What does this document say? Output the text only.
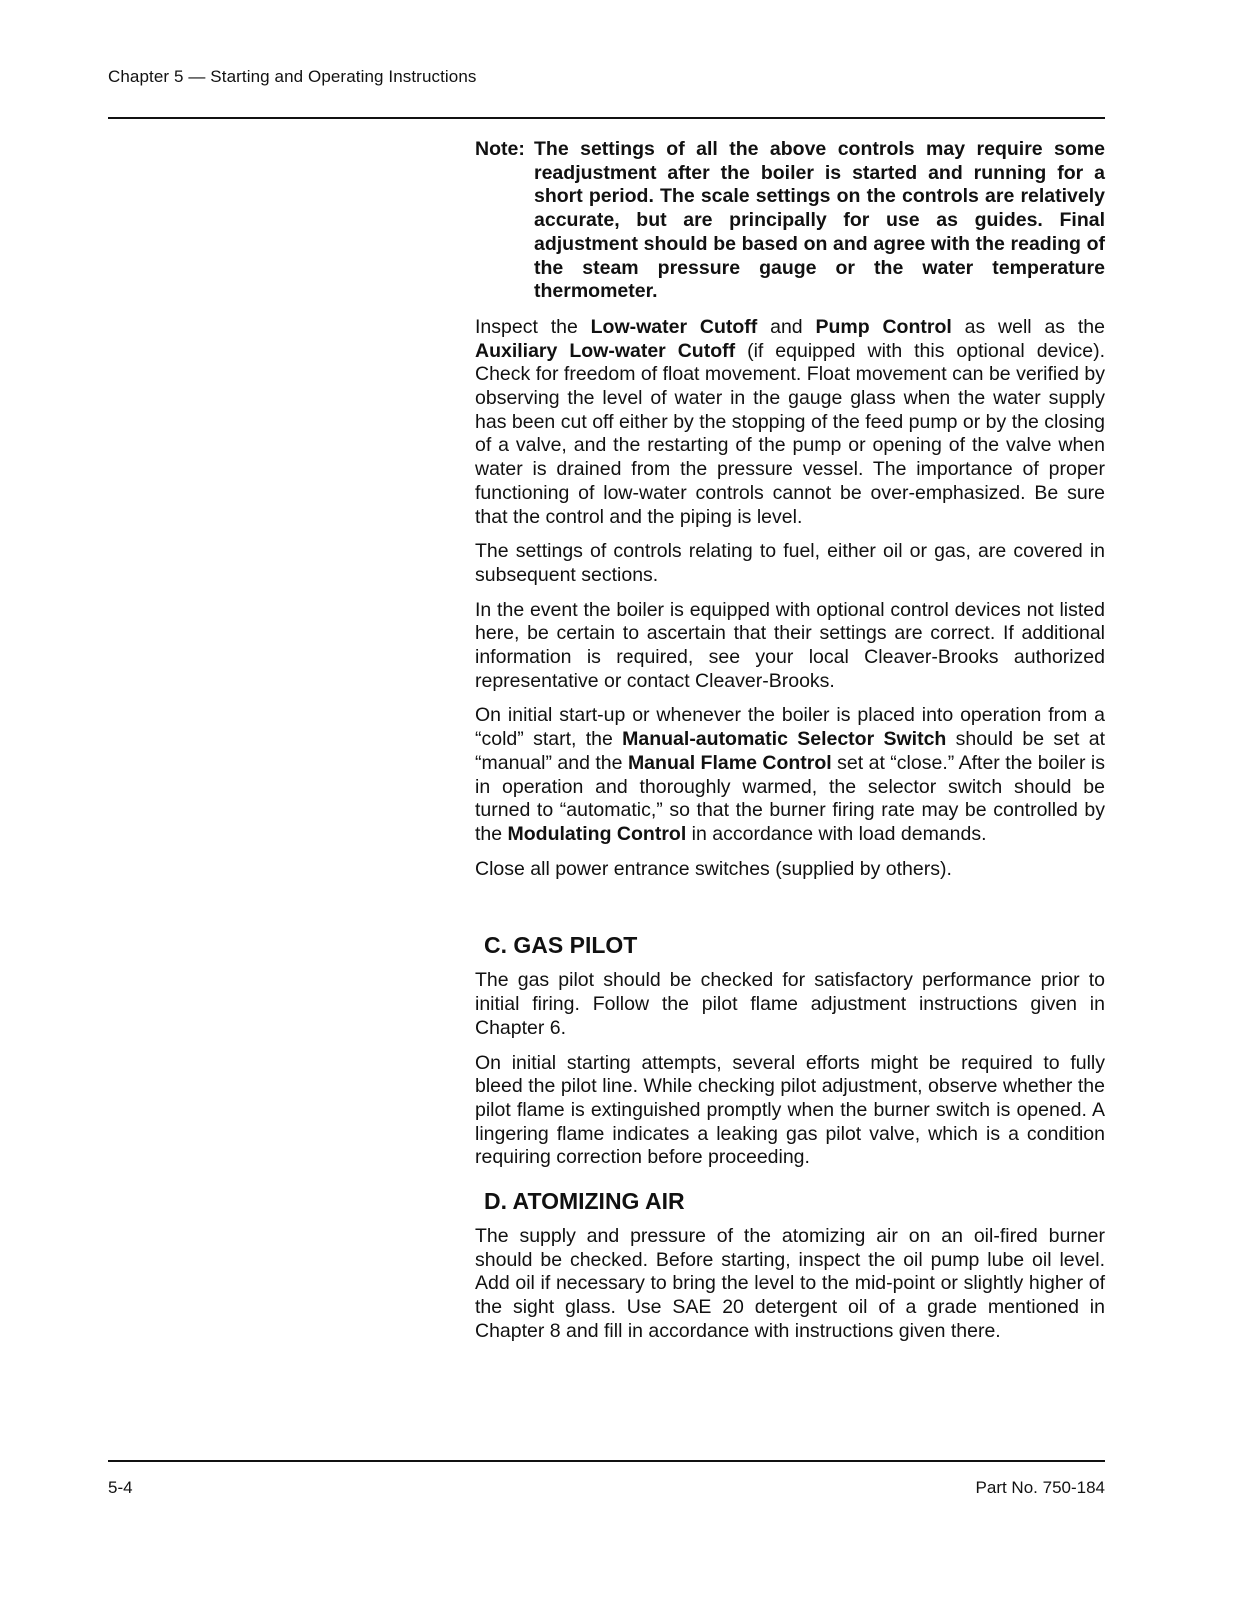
Chapter 5 — Starting and Operating Instructions
Note: The settings of all the above controls may require some readjustment after the boiler is started and running for a short period. The scale settings on the controls are relatively accurate, but are principally for use as guides. Final adjustment should be based on and agree with the reading of the steam pressure gauge or the water temperature thermometer.

Inspect the Low-water Cutoff and Pump Control as well as the Auxiliary Low-water Cutoff (if equipped with this optional device). Check for freedom of float movement. Float movement can be verified by observing the level of water in the gauge glass when the water supply has been cut off either by the stopping of the feed pump or by the closing of a valve, and the restarting of the pump or opening of the valve when water is drained from the pressure vessel. The importance of proper functioning of low-water controls cannot be over-emphasized. Be sure that the control and the piping is level.

The settings of controls relating to fuel, either oil or gas, are covered in subsequent sections.

In the event the boiler is equipped with optional control devices not listed here, be certain to ascertain that their settings are correct. If additional information is required, see your local Cleaver-Brooks authorized representative or contact Cleaver-Brooks.

On initial start-up or whenever the boiler is placed into operation from a “cold” start, the Manual-automatic Selector Switch should be set at “manual” and the Manual Flame Control set at “close.” After the boiler is in operation and thoroughly warmed, the selector switch should be turned to “automatic,” so that the burner firing rate may be controlled by the Modulating Control in accordance with load demands.

Close all power entrance switches (supplied by others).

C. GAS PILOT

The gas pilot should be checked for satisfactory performance prior to initial firing. Follow the pilot flame adjustment instructions given in Chapter 6.

On initial starting attempts, several efforts might be required to fully bleed the pilot line. While checking pilot adjustment, observe whether the pilot flame is extinguished promptly when the burner switch is opened. A lingering flame indicates a leaking gas pilot valve, which is a condition requiring correction before proceeding.

D. ATOMIZING AIR

The supply and pressure of the atomizing air on an oil-fired burner should be checked. Before starting, inspect the oil pump lube oil level. Add oil if necessary to bring the level to the mid-point or slightly higher of the sight glass. Use SAE 20 detergent oil of a grade mentioned in Chapter 8 and fill in accordance with instructions given there.

5-4	Part No. 750-184
